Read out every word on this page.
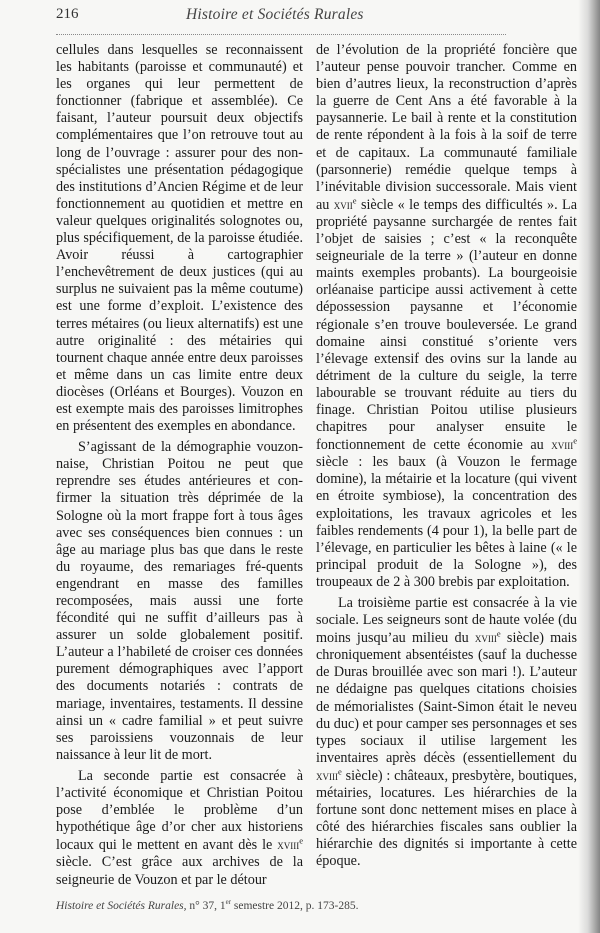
216	Histoire et Sociétés Rurales

cellules dans lesquelles se reconnaissent les habitants (paroisse et communauté) et les organes qui leur permettent de fonctionner (fabrique et assemblée). Ce faisant, l’auteur poursuit deux objectifs complémentaires que l’on retrouve tout au long de l’ouvrage : assurer pour des non-spécialistes une présentation pédagogique des institutions d’Ancien Régime et de leur fonctionnement au quotidien et mettre en valeur quelques originalités solognotes ou, plus spécifiquement, de la paroisse étudiée. Avoir réussi à cartographier l’enchevêtrement de deux justices (qui au surplus ne suivaient pas la même coutume) est une forme d’exploit. L’existence des terres métaires (ou lieux alternatifs) est une autre originalité : des métairies qui tournent chaque année entre deux paroisses et même dans un cas limite entre deux diocèses (Orléans et Bourges). Vouzon en est exempte mais des paroisses limitrophes en présentent des exemples en abondance.

S’agissant de la démographie vouzon-naise, Christian Poitou ne peut que reprendre ses études antérieures et con-firmer la situation très déprimée de la Sologne où la mort frappe fort à tous âges avec ses conséquences bien connues : un âge au mariage plus bas que dans le reste du royaume, des remariages fré-quents engendrant en masse des familles recomposées, mais aussi une forte fécondité qui ne suffit d’ailleurs pas à assurer un solde globalement positif. L’auteur a l’habileté de croiser ces données purement démographiques avec l’apport des documents notariés : contrats de mariage, inventaires, testaments. Il dessine ainsi un « cadre familial » et peut suivre ses paroissiens vouzonnais de leur naissance à leur lit de mort.

La seconde partie est consacrée à l’activité économique et Christian Poitou pose d’emblée le problème d’un hypothétique âge d’or cher aux historiens locaux qui le mettent en avant dès le xviii$^e$ siècle. C’est grâce aux archives de la seigneurie de Vouzon et par le détour

de l’évolution de la propriété foncière que l’auteur pense pouvoir trancher. Comme en bien d’autres lieux, la reconstruction d’après la guerre de Cent Ans a été favorable à la paysannerie. Le bail à rente et la constitution de rente répondent à la fois à la soif de terre et de capitaux. La communauté familiale (parsonnerie) remédie quelque temps à l’inévitable division successorale. Mais vient au xvii$^e$ siècle « le temps des difficultés ». La propriété paysanne surchargée de rentes fait l’objet de saisies ; c’est « la reconquête seigneuriale de la terre » (l’auteur en donne maints exemples probants). La bourgeoisie orléanaise participe aussi activement à cette dépossession paysanne et l’économie régionale s’en trouve bouleversée. Le grand domaine ainsi constitué s’oriente vers l’élevage extensif des ovins sur la lande au détriment de la culture du seigle, la terre labourable se trouvant réduite au tiers du finage. Christian Poitou utilise plusieurs chapitres pour analyser ensuite le fonctionnement de cette économie au xviii$^e$ siècle : les baux (à Vouzon le fermage domine), la métairie et la locature (qui vivent en étroite symbiose), la concentration des exploitations, les travaux agricoles et les faibles rendements (4 pour 1), la belle part de l’élevage, en particulier les bêtes à laine (« le principal produit de la Sologne »), des troupeaux de 2 à 300 brebis par exploitation.

La troisième partie est consacrée à la vie sociale. Les seigneurs sont de haute volée (du moins jusqu’au milieu du xviii$^e$ siècle) mais chroniquement absentéistes (sauf la duchesse de Duras brouillée avec son mari !). L’auteur ne dédaigne pas quelques citations choisies de mémorialistes (Saint-Simon était le neveu du duc) et pour camper ses personnages et ses types sociaux il utilise largement les inventaires après décès (essentiellement du xviii$^e$ siècle) : châteaux, presbytère, boutiques, métairies, locatures. Les hiérarchies de la fortune sont donc nettement mises en place à côté des hiérarchies fiscales sans oublier la hiérarchie des dignités si importante à cette époque.

Histoire et Sociétés Rurales, n° 37, 1er semestre 2012, p. 173-285.
